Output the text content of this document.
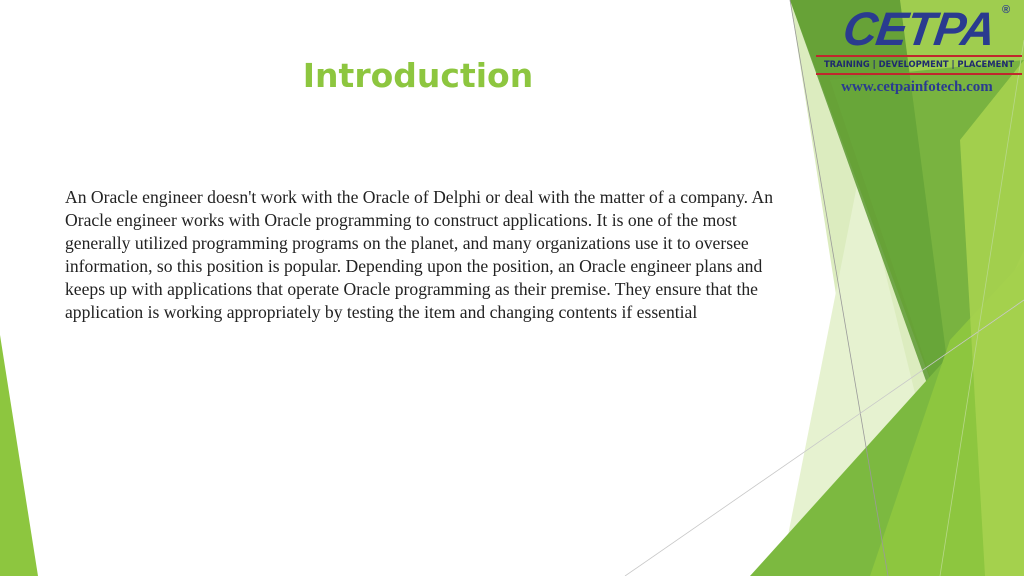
CETPA ®
TRAINING | DEVELOPMENT | PLACEMENT
www.cetpainfotech.com
Introduction
An Oracle engineer doesn't work with the Oracle of Delphi or deal with the matter of a company. An Oracle engineer works with Oracle programming to construct applications. It is one of the most generally utilized programming programs on the planet, and many organizations use it to oversee information, so this position is popular. Depending upon the position, an Oracle engineer plans and keeps up with applications that operate Oracle programming as their premise. They ensure that the application is working appropriately by testing the item and changing contents if essential
